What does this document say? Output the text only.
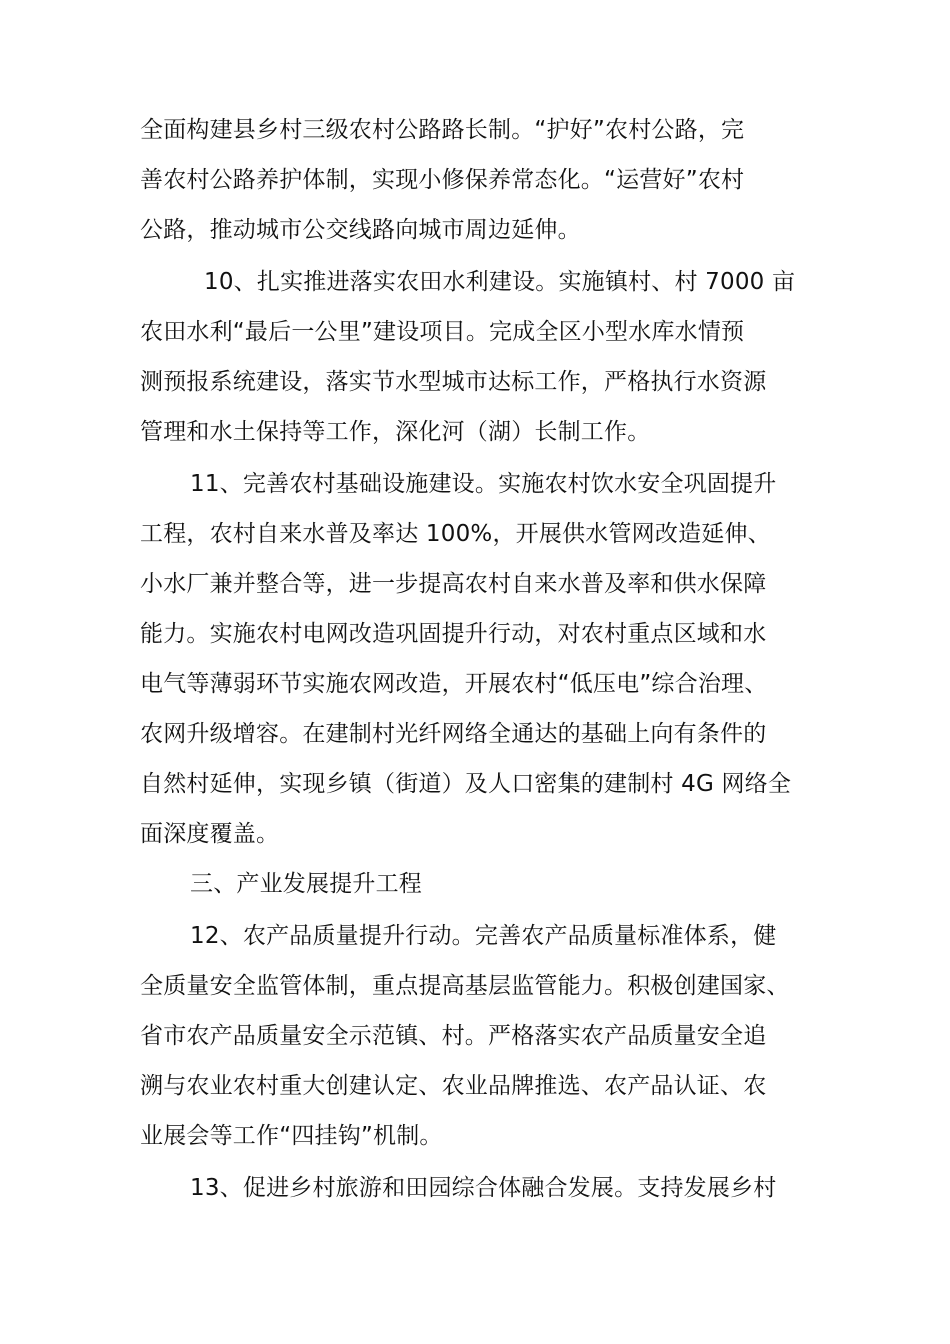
全面构建县乡村三级农村公路路长制。“护好”农村公路，完
善农村公路养护体制，实现小修保养常态化。“运营好”农村
公路，推动城市公交线路向城市周边延伸。
10、扎实推进落实农田水利建设。实施镇村、村 7000 亩
农田水利“最后一公里”建设项目。完成全区小型水库水情预
测预报系统建设，落实节水型城市达标工作，严格执行水资源
管理和水土保持等工作，深化河（湖）长制工作。
11、完善农村基础设施建设。实施农村饮水安全巩固提升
工程，农村自来水普及率达 100%，开展供水管网改造延伸、
小水厂兼并整合等，进一步提高农村自来水普及率和供水保障
能力。实施农村电网改造巩固提升行动，对农村重点区域和水
电气等薄弱环节实施农网改造，开展农村“低压电”综合治理、
农网升级增容。在建制村光纤网络全通达的基础上向有条件的
自然村延伸，实现乡镇（街道）及人口密集的建制村 4G 网络全
面深度覆盖。
三、产业发展提升工程
12、农产品质量提升行动。完善农产品质量标准体系，健
全质量安全监管体制，重点提高基层监管能力。积极创建国家、
省市农产品质量安全示范镇、村。严格落实农产品质量安全追
溯与农业农村重大创建认定、农业品牌推选、农产品认证、农
业展会等工作“四挂钩”机制。
13、促进乡村旅游和田园综合体融合发展。支持发展乡村
